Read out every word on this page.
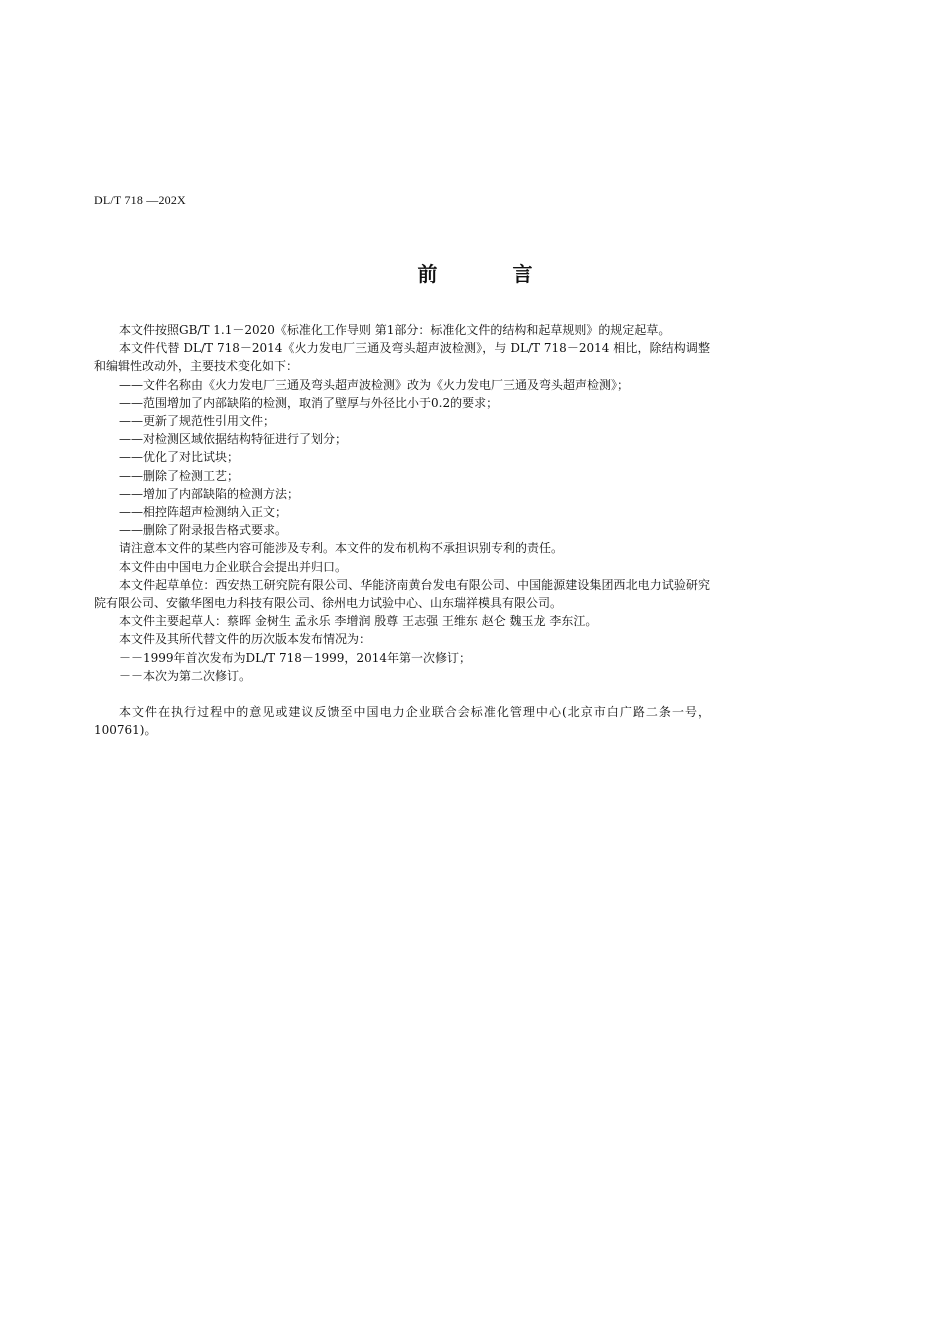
DL/T 718 —202X
前 言

本文件按照GB/T 1.1－2020《标准化工作导则 第1部分：标准化文件的结构和起草规则》的规定起草。

本文件代替 DL/T 718－2014《火力发电厂三通及弯头超声波检测》，与 DL/T 718－2014 相比，除结构调整和编辑性改动外，主要技术变化如下：

——文件名称由《火力发电厂三通及弯头超声波检测》改为《火力发电厂三通及弯头超声检测》；

——范围增加了内部缺陷的检测，取消了壁厚与外径比小于0.2的要求；

——更新了规范性引用文件；

——对检测区域依据结构特征进行了划分；

——优化了对比试块；

——删除了检测工艺；

——增加了内部缺陷的检测方法；

——相控阵超声检测纳入正文；

——删除了附录报告格式要求。

请注意本文件的某些内容可能涉及专利。本文件的发布机构不承担识别专利的责任。

本文件由中国电力企业联合会提出并归口。

本文件起草单位：西安热工研究院有限公司、华能济南黄台发电有限公司、中国能源建设集团西北电力试验研究院有限公司、安徽华图电力科技有限公司、徐州电力试验中心、山东瑞祥模具有限公司。

本文件主要起草人：蔡晖 金树生 孟永乐 李增润 殷尊 王志强 王维东 赵仑 魏玉龙 李东江。

本文件及其所代替文件的历次版本发布情况为：

－－1999年首次发布为DL/T 718－1999，2014年第一次修订；

－－本次为第二次修订。

本文件在执行过程中的意见或建议反馈至中国电力企业联合会标准化管理中心(北京市白广路二条一号，100761)。
